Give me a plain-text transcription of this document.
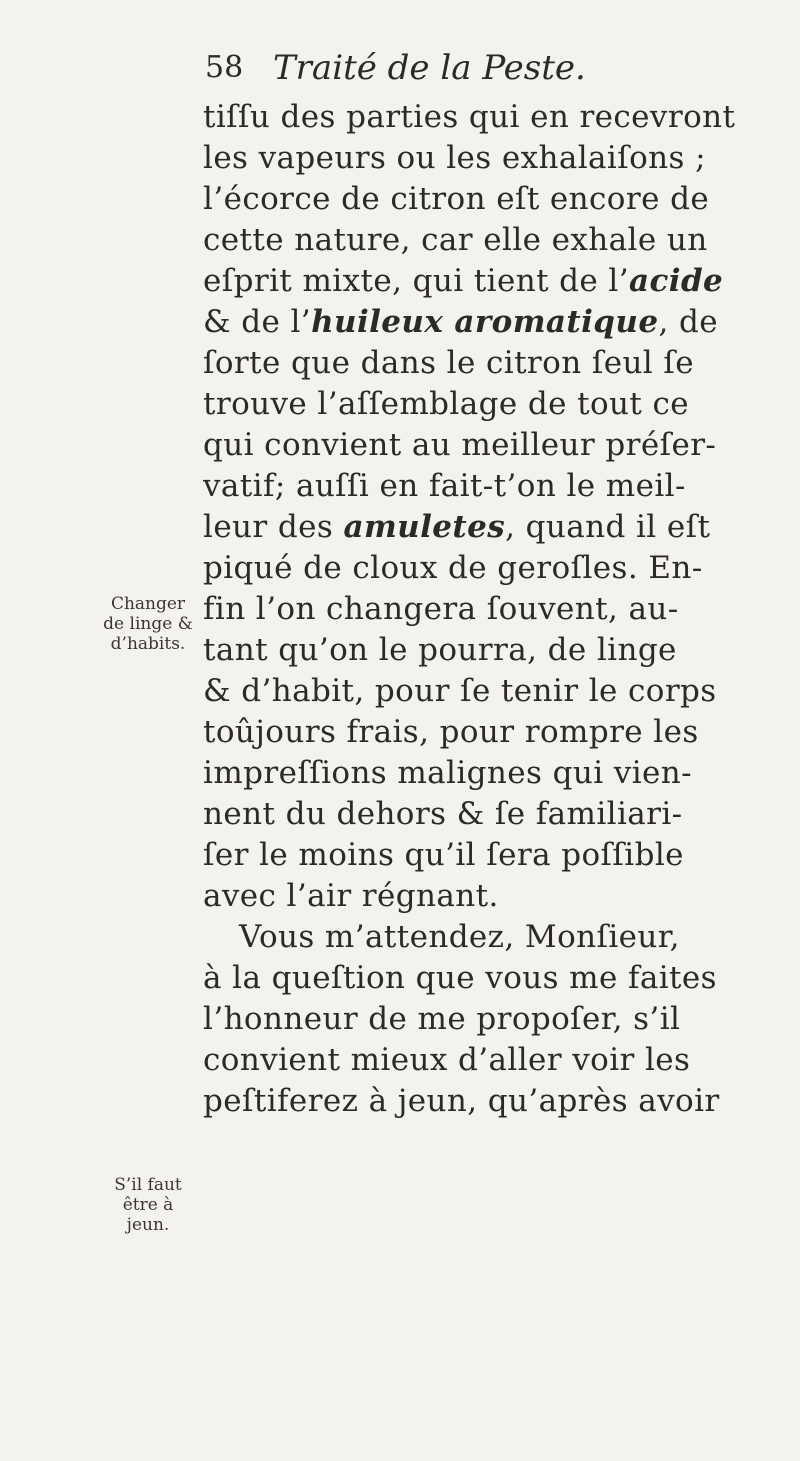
58 Traité de la Peste.
tiſſu des parties qui en recevront
les vapeurs ou les exhalaiſons ;
l’écorce de citron eſt encore de
cette nature, car elle exhale un
eſprit mixte, qui tient de l’acide
& de l’huileux aromatique, de
ſorte que dans le citron ſeul ſe
trouve l’aſſemblage de tout ce
qui convient au meilleur préſer-
vatif; auſſi en fait-t’on le meil-
leur des amuletes, quand il eſt
piqué de cloux de geroſles. En-
fin l’on changera ſouvent, au-
tant qu’on le pourra, de linge
& d’habit, pour ſe tenir le corps
toûjours frais, pour rompre les
impreſſions malignes qui vien-
nent du dehors & ſe familiari-
ſer le moins qu’il ſera poſſible
avec l’air régnant.
Vous m’attendez, Monſieur,
à la queſtion que vous me faites
l’honneur de me propoſer, s’il
convient mieux d’aller voir les
peſtiferez à jeun, qu’après avoir
Changer
de linge &
d’habits.
S’il faut
être à jeun.
